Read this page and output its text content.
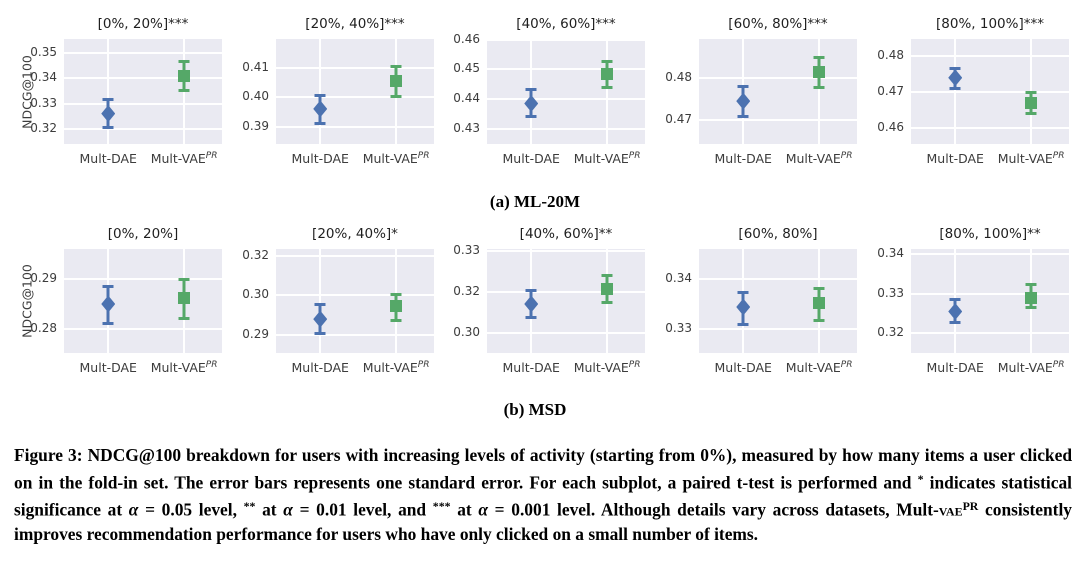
[0%, 20%]***
0.32
0.33
0.34
0.35
Mult-DAE Mult-$VAE^{PR}$
NDCG@100
[20%, 40%]***
0.39
0.40
0.41
Mult-DAE Mult-$VAE^{PR}$
[40%, 60%]***
0.43
0.44
0.45
0.46
Mult-DAE Mult-$VAE^{PR}$
[60%, 80%]***
0.47
0.48
Mult-DAE Mult-$VAE^{PR}$
[80%, 100%]***
0.46
0.47
0.48
Mult-DAE Mult-$VAE^{PR}$
[0%, 20%]
0.28
0.29
Mult-DAE Mult-$VAE^{PR}$
NDCG@100
[20%, 40%]*
0.29
0.30
0.32
Mult-DAE Mult-$VAE^{PR}$
[40%, 60%]**
0.30
0.32
0.33
Mult-DAE Mult-$VAE^{PR}$
[60%, 80%]
0.33
0.34
Mult-DAE Mult-$VAE^{PR}$
[80%, 100%]**
0.32
0.33
0.34
Mult-DAE Mult-$VAE^{PR}$
(a) ML-20M
(b) MSD
Figure 3: NDCG@100 breakdown for users with increasing levels of activity (starting from 0%), measured by how many items a user clicked on in the fold-in set. The error bars represents one standard error. For each subplot, a paired t-test is performed and * indicates statistical significance at α = 0.05 level, ** at α = 0.01 level, and *** at α = 0.001 level. Although details vary across datasets, Mult-vae$^{PR}$ consistently improves recommendation performance for users who have only clicked on a small number of items.
